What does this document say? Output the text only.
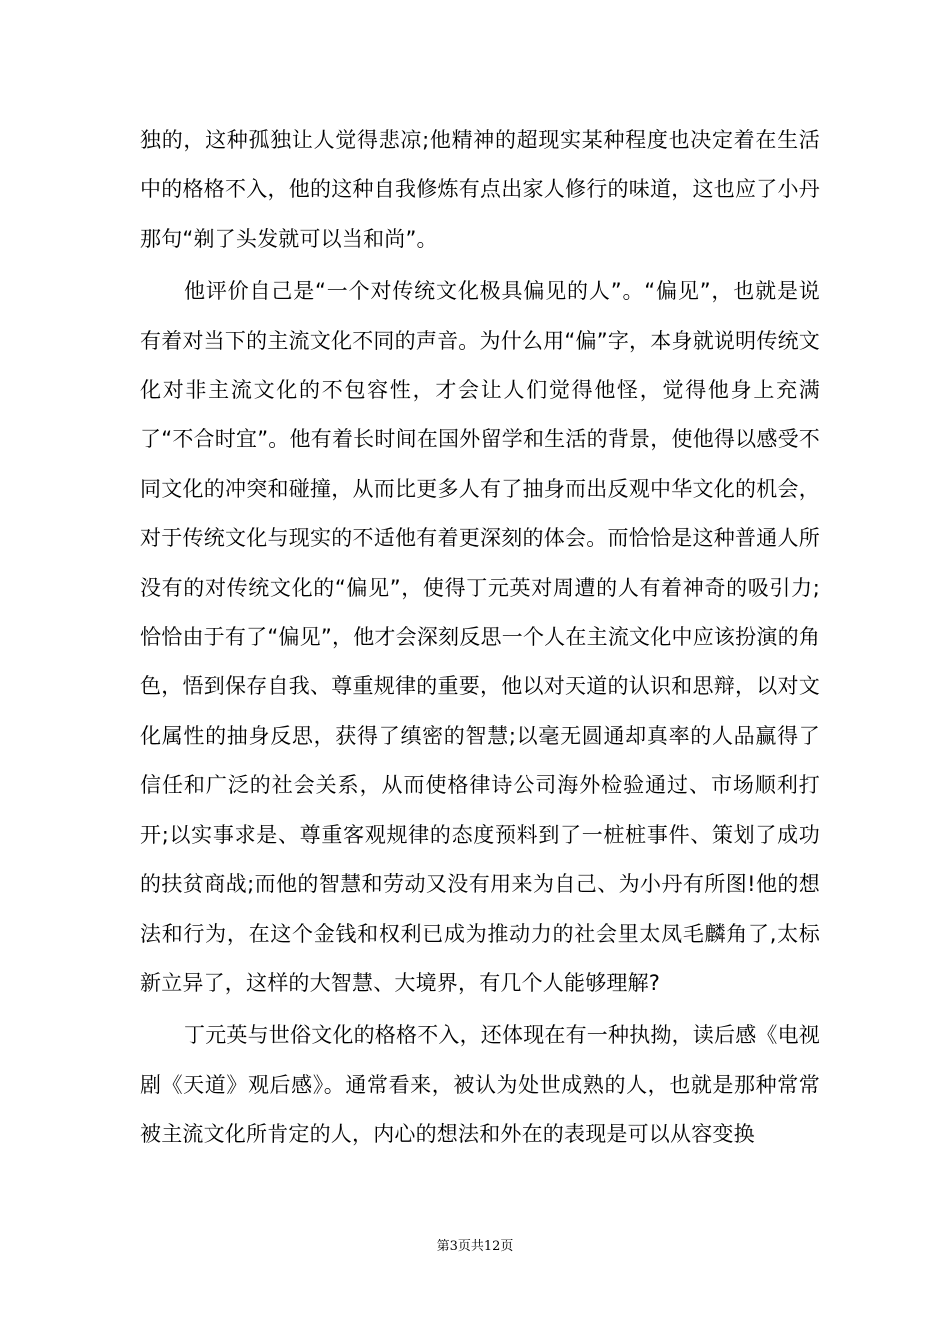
独的，这种孤独让人觉得悲凉;他精神的超现实某种程度也决定着在生活中的格格不入，他的这种自我修炼有点出家人修行的味道，这也应了小丹那句“剃了头发就可以当和尚”。

他评价自己是“一个对传统文化极具偏见的人”。“偏见”，也就是说有着对当下的主流文化不同的声音。为什么用“偏”字，本身就说明传统文化对非主流文化的不包容性，才会让人们觉得他怪，觉得他身上充满了“不合时宜”。他有着长时间在国外留学和生活的背景，使他得以感受不同文化的冲突和碰撞，从而比更多人有了抽身而出反观中华文化的机会，对于传统文化与现实的不适他有着更深刻的体会。而恰恰是这种普通人所没有的对传统文化的“偏见”，使得丁元英对周遭的人有着神奇的吸引力;恰恰由于有了“偏见”，他才会深刻反思一个人在主流文化中应该扮演的角色，悟到保存自我、尊重规律的重要，他以对天道的认识和思辩，以对文化属性的抽身反思，获得了缜密的智慧;以毫无圆通却真率的人品赢得了信任和广泛的社会关系，从而使格律诗公司海外检验通过、市场顺利打开;以实事求是、尊重客观规律的态度预料到了一桩桩事件、策划了成功的扶贫商战;而他的智慧和劳动又没有用来为自己、为小丹有所图!他的想法和行为，在这个金钱和权利已成为推动力的社会里太凤毛麟角了,太标新立异了，这样的大智慧、大境界，有几个人能够理解?

丁元英与世俗文化的格格不入，还体现在有一种执拗，读后感《电视剧《天道》观后感》。通常看来，被认为处世成熟的人，也就是那种常常被主流文化所肯定的人，内心的想法和外在的表现是可以从容变换

第3页共12页
